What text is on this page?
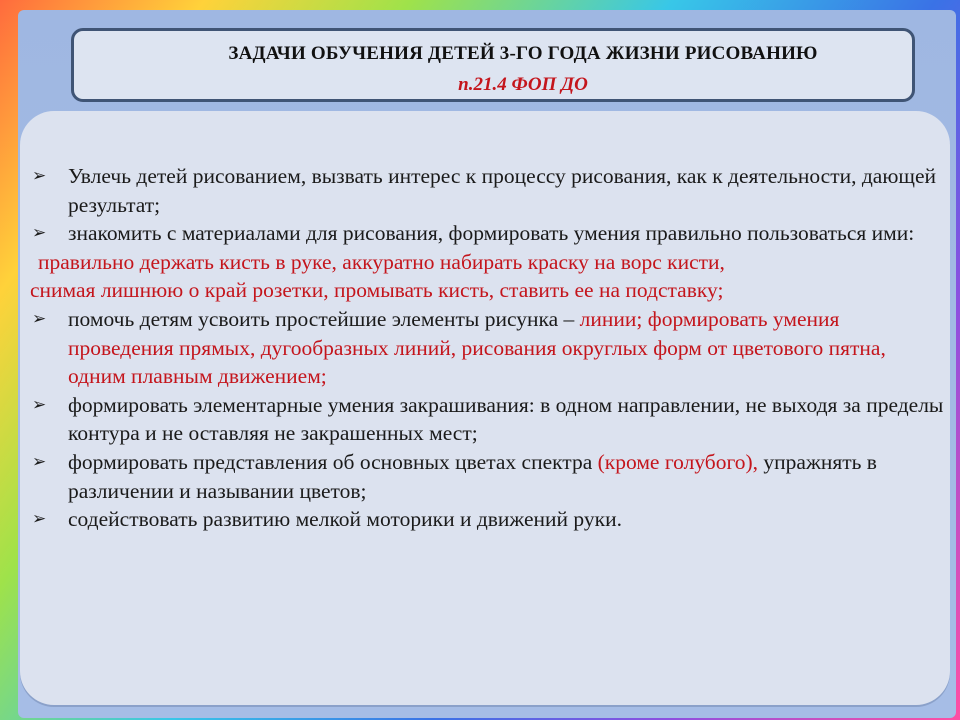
ЗАДАЧИ ОБУЧЕНИЯ ДЕТЕЙ 3-ГО ГОДА ЖИЗНИ РИСОВАНИЮ
п.21.4 ФОП ДО
➢ Увлечь детей рисованием, вызвать интерес к процессу рисования, как к деятельности, дающей результат;
➢ знакомить с материалами для рисования, формировать умения правильно пользоваться ими:
правильно держать кисть в руке, аккуратно набирать краску на ворс кисти,
снимая лишнюю о край розетки, промывать кисть, ставить ее на подставку;
➢ помочь детям усвоить простейшие элементы рисунка – линии; формировать умения проведения прямых, дугообразных линий, рисования округлых форм от цветового пятна, одним плавным движением;
➢ формировать элементарные умения закрашивания: в одном направлении, не выходя за пределы контура и не оставляя не закрашенных мест;
➢ формировать представления об основных цветах спектра (кроме голубого), упражнять в различении и назывании цветов;
➢ содействовать развитию мелкой моторики и движений руки.
